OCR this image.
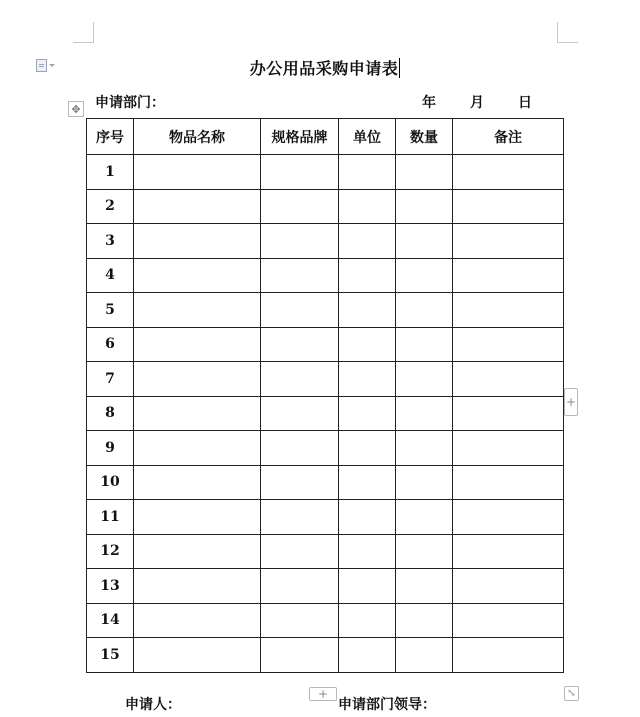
办公用品采购申请表
申请部门：	年	月	日
✥
序号	物品名称	规格品牌	单位	数量	备注
1					
2					
3					
4					
5					
6					
7					
8					
9					
10					
11					
12					
13					
14					
15					
+
+	⤡
申请人：	申请部门领导：
